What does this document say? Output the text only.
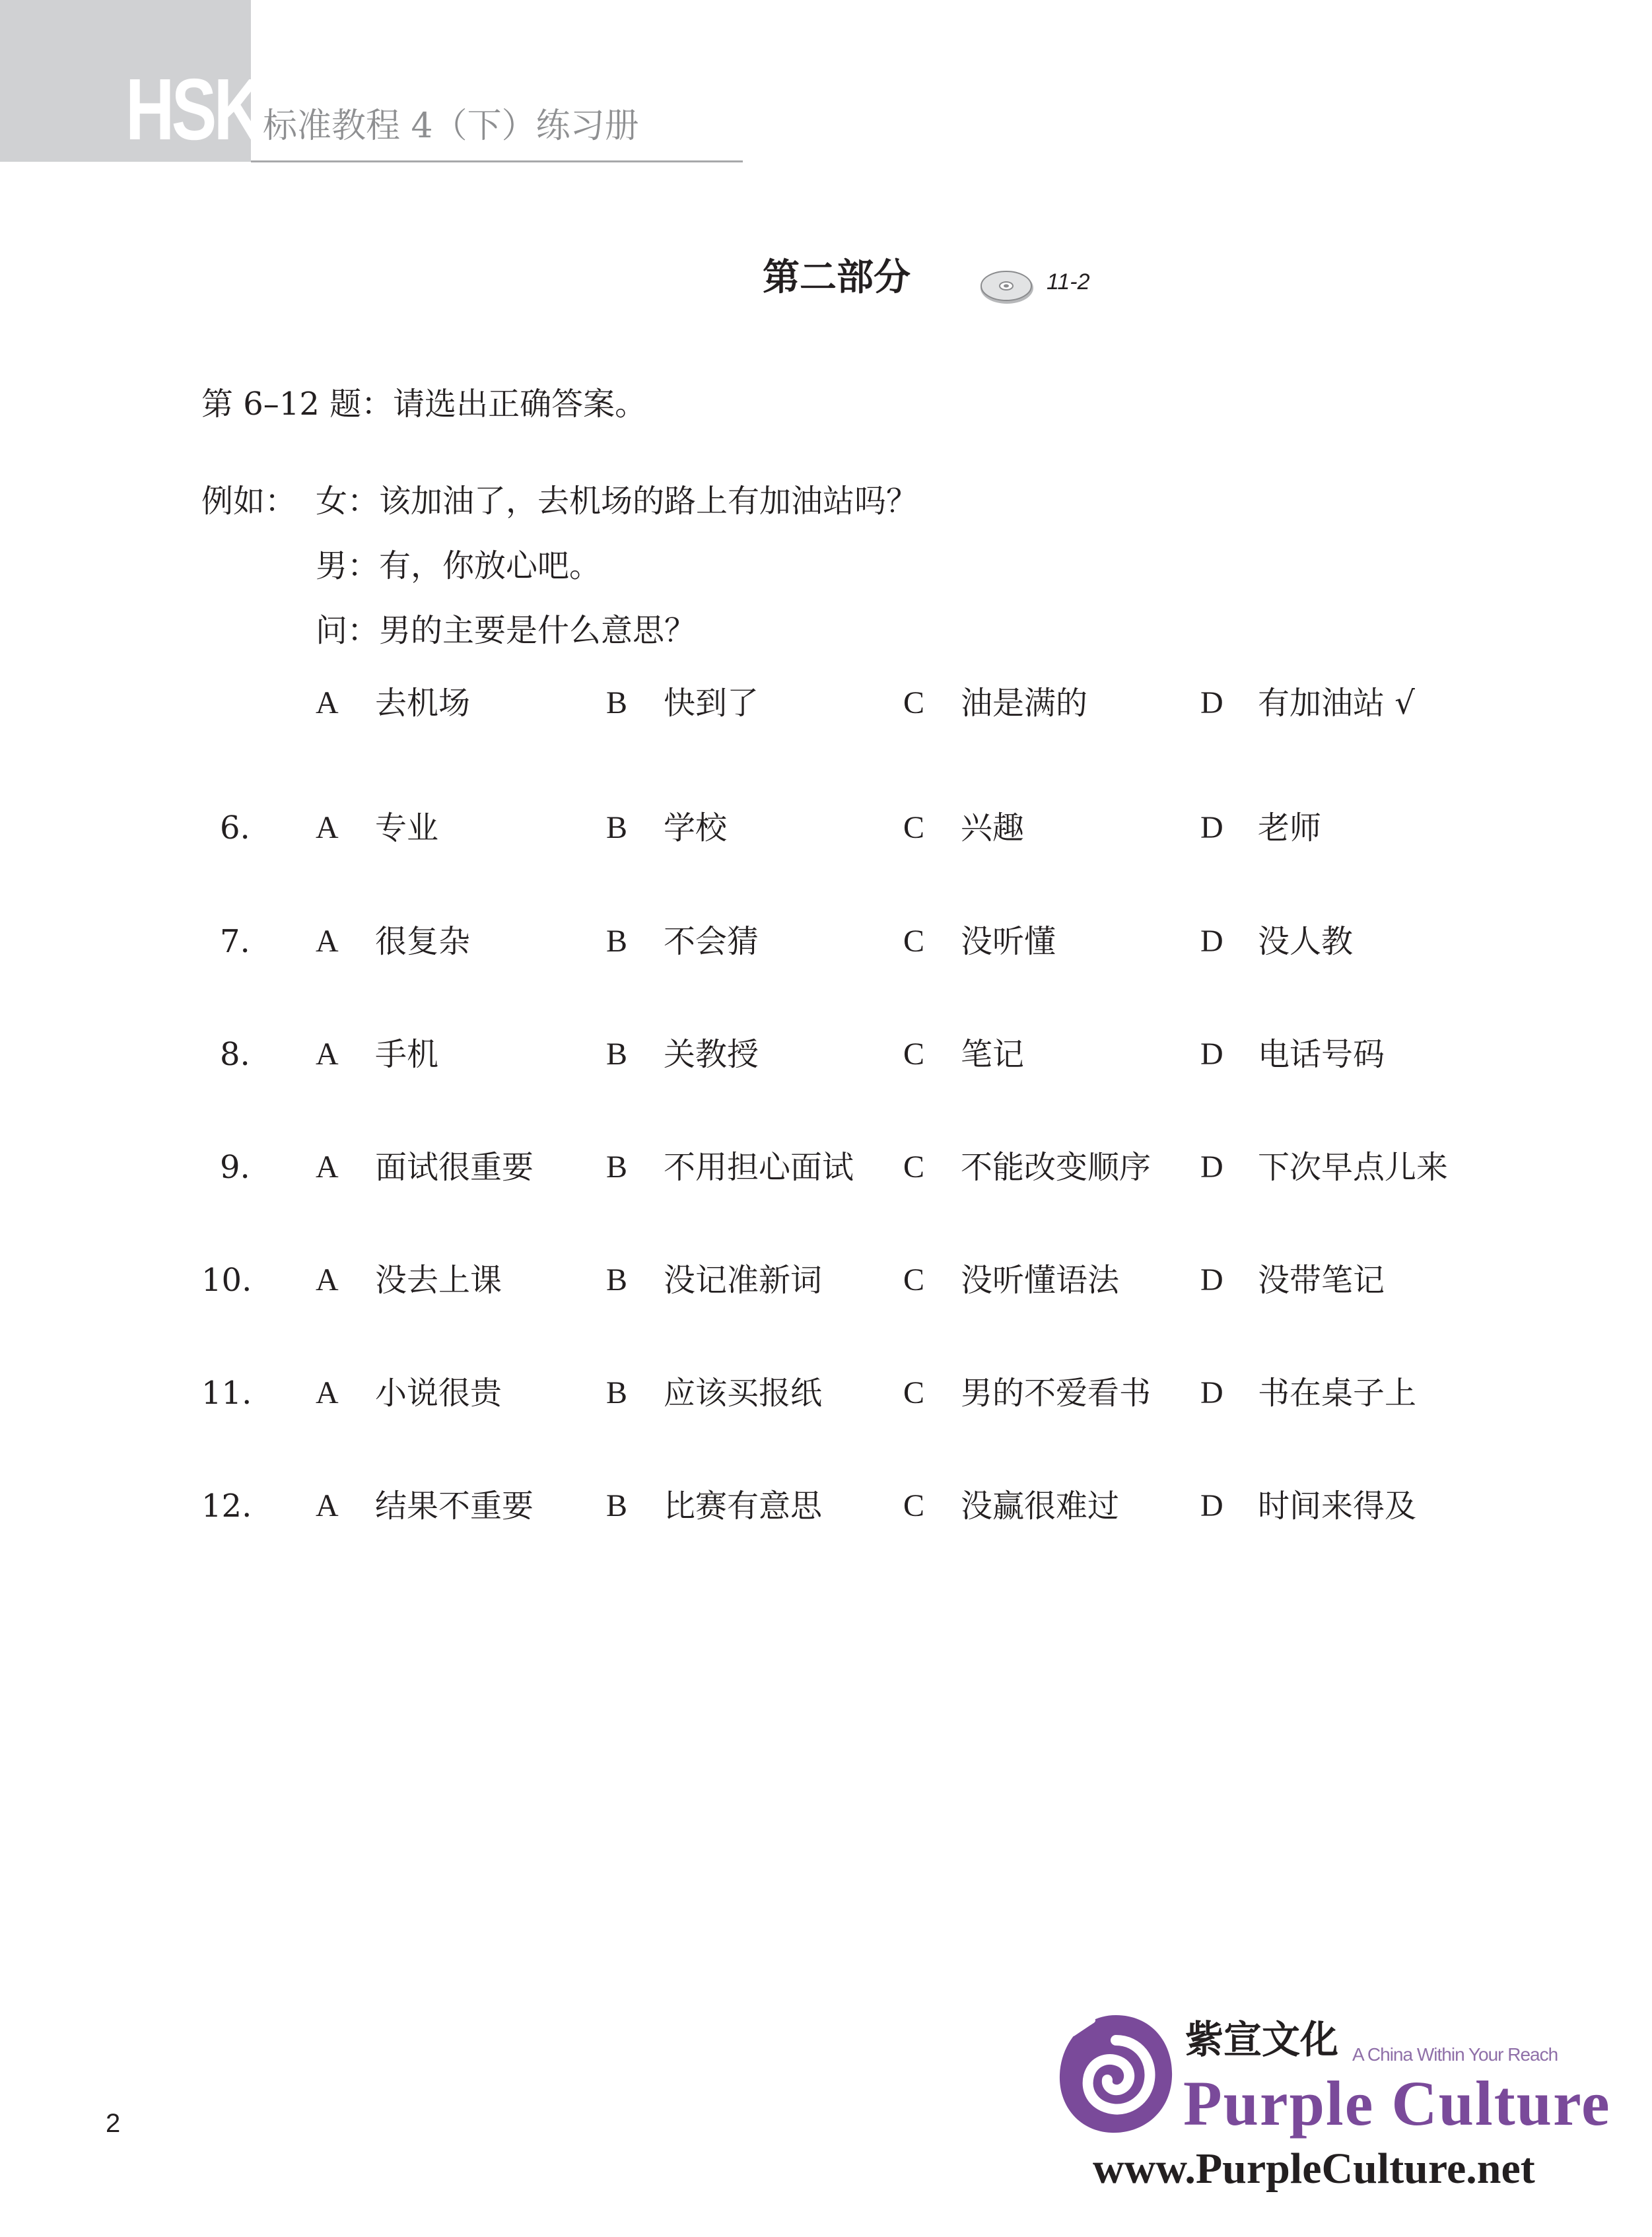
HSK 标准教程 4（下）练习册
第二部分	11-2
第 6–12 题：请选出正确答案。
例如： 女：该加油了，去机场的路上有加油站吗？
男：有，你放心吧。
问：男的主要是什么意思？
A 去机场	B 快到了	C 油是满的	D 有加油站 √
6. A 专业	B 学校	C 兴趣	D 老师
7. A 很复杂	B 不会猜	C 没听懂	D 没人教
8. A 手机	B 关教授	C 笔记	D 电话号码
9. A 面试很重要 B 不用担心面试 C 不能改变顺序 D 下次早点儿来
10. A 没去上课	B 没记准新词	C 没听懂语法	D 没带笔记
11. A 小说很贵	B 应该买报纸	C 男的不爱看书 D 书在桌子上
12. A 结果不重要 B 比赛有意思	C 没赢很难过	D 时间来得及
2
紫宣文化 A China Within Your Reach
Purple Culture
www.PurpleCulture.net
